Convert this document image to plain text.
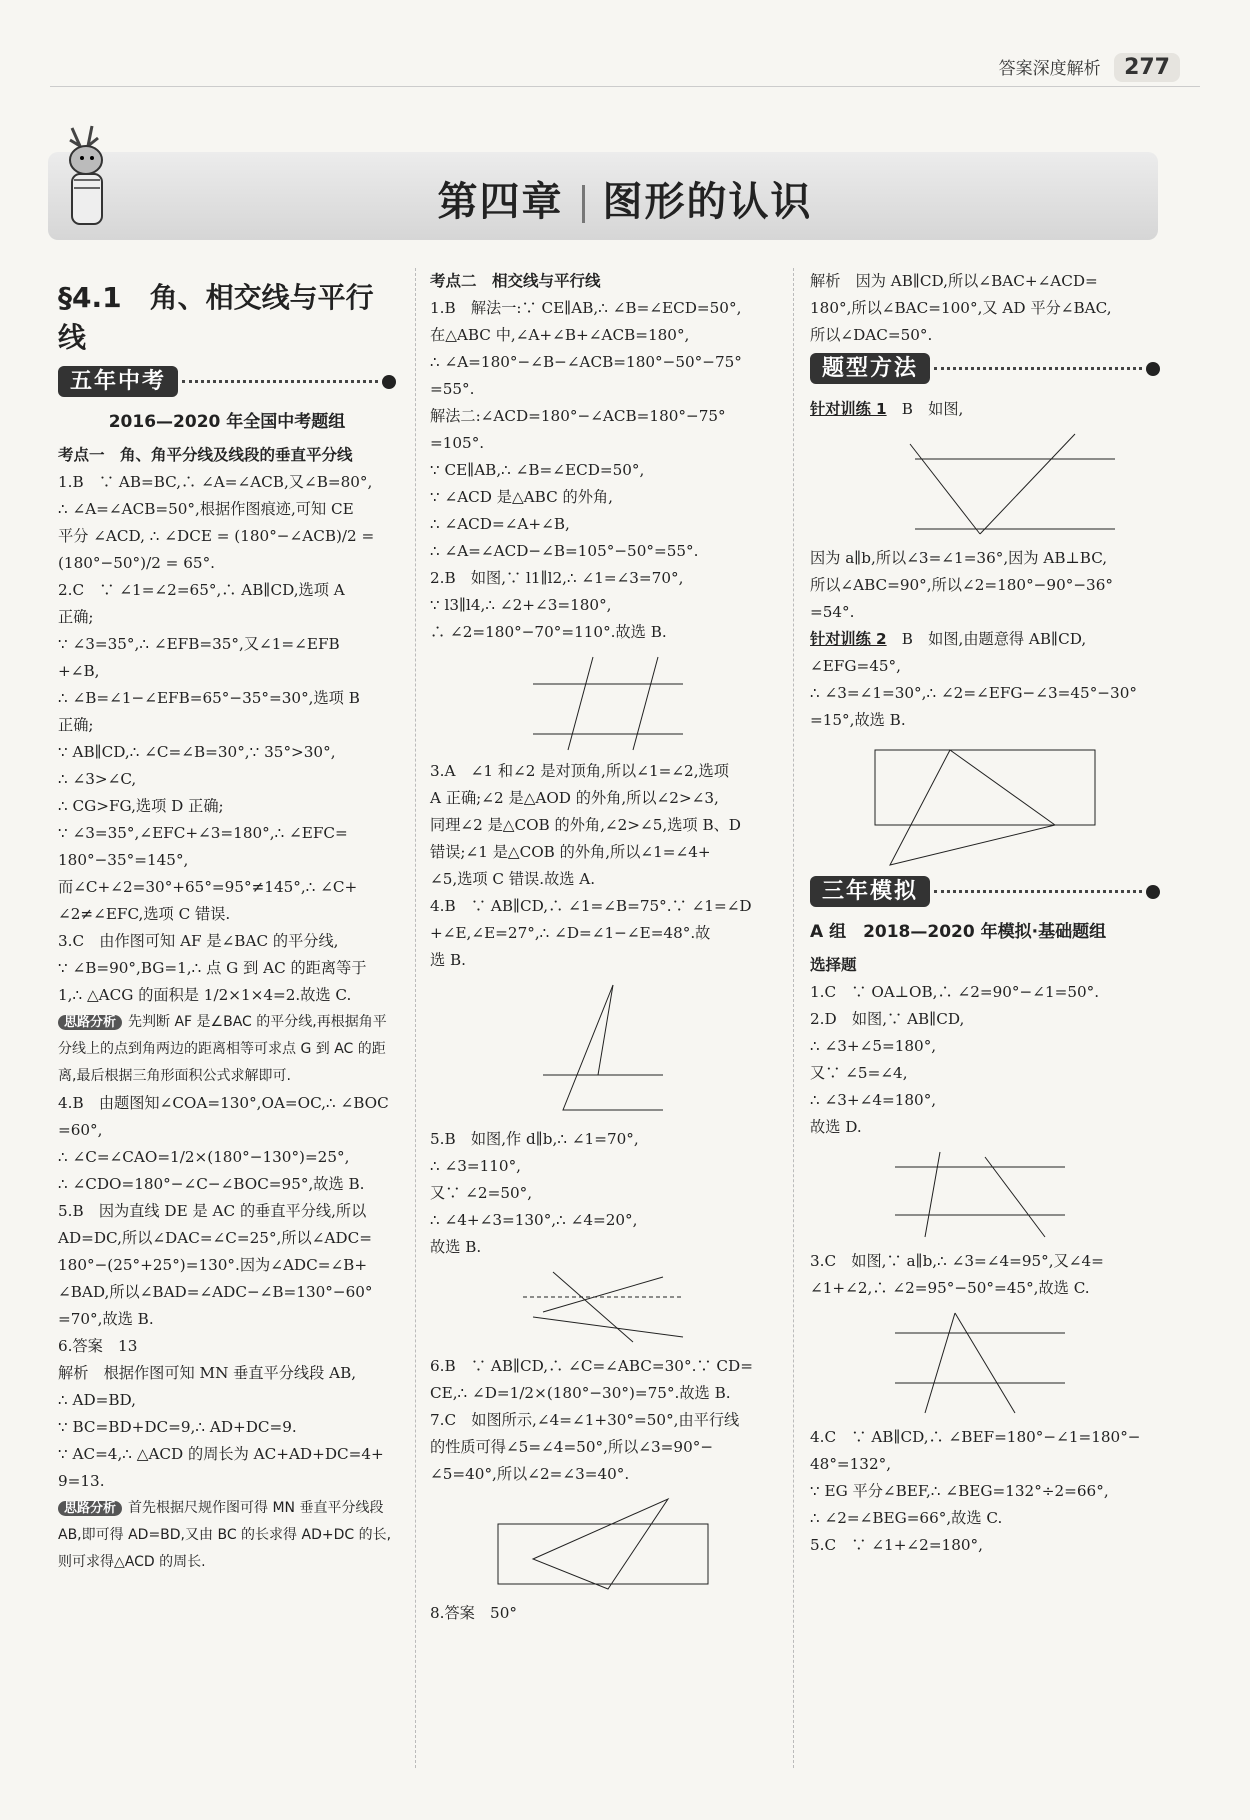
答案深度解析 277
第四章 图形的认识
§4.1　角、相交线与平行线
五年中考
2016—2020 年全国中考题组

考点一　角、角平分线及线段的垂直平分线

1.B　∵ AB=BC,∴ ∠A=∠ACB,又∠B=80°,

∴ ∠A=∠ACB=50°,根据作图痕迹,可知 CE

平分 ∠ACD, ∴ ∠DCE = (180°−∠ACB)/2 =

(180°−50°)/2 = 65°.

2.C　∵ ∠1=∠2=65°,∴ AB∥CD,选项 A

正确;

∵ ∠3=35°,∴ ∠EFB=35°,又∠1=∠EFB

+∠B,

∴ ∠B=∠1−∠EFB=65°−35°=30°,选项 B

正确;

∵ AB∥CD,∴ ∠C=∠B=30°,∵ 35°>30°,

∴ ∠3>∠C,

∴ CG>FG,选项 D 正确;

∵ ∠3=35°,∠EFC+∠3=180°,∴ ∠EFC=

180°−35°=145°,

而∠C+∠2=30°+65°=95°≠145°,∴ ∠C+

∠2≠∠EFC,选项 C 错误.

3.C　由作图可知 AF 是∠BAC 的平分线,

∵ ∠B=90°,BG=1,∴ 点 G 到 AC 的距离等于

1,∴ △ACG 的面积是 1/2×1×4=2.故选 C.

思路分析 先判断 AF 是∠BAC 的平分线,再根据角平分线上的点到角两边的距离相等可求点 G 到 AC 的距离,最后根据三角形面积公式求解即可.

4.B　由题图知∠COA=130°,OA=OC,∴ ∠BOC

=60°,

∴ ∠C=∠CAO=1/2×(180°−130°)=25°,

∴ ∠CDO=180°−∠C−∠BOC=95°,故选 B.

5.B　因为直线 DE 是 AC 的垂直平分线,所以

AD=DC,所以∠DAC=∠C=25°,所以∠ADC=

180°−(25°+25°)=130°.因为∠ADC=∠B+

∠BAD,所以∠BAD=∠ADC−∠B=130°−60°

=70°,故选 B.

6.答案　13

解析　根据作图可知 MN 垂直平分线段 AB,

∴ AD=BD,

∵ BC=BD+DC=9,∴ AD+DC=9.

∵ AC=4,∴ △ACD 的周长为 AC+AD+DC=4+

9=13.

思路分析 首先根据尺规作图可得 MN 垂直平分线段 AB,即可得 AD=BD,又由 BC 的长求得 AD+DC 的长,则可求得△ACD 的周长.

考点二　相交线与平行线

1.B　解法一:∵ CE∥AB,∴ ∠B=∠ECD=50°,

在△ABC 中,∠A+∠B+∠ACB=180°,

∴ ∠A=180°−∠B−∠ACB=180°−50°−75°

=55°.

解法二:∠ACD=180°−∠ACB=180°−75°

=105°.

∵ CE∥AB,∴ ∠B=∠ECD=50°,

∵ ∠ACD 是△ABC 的外角,

∴ ∠ACD=∠A+∠B,

∴ ∠A=∠ACD−∠B=105°−50°=55°.

2.B　如图,∵ l1∥l2,∴ ∠1=∠3=70°,

∵ l3∥l4,∴ ∠2+∠3=180°,

∴ ∠2=180°−70°=110°.故选 B.

3.A　∠1 和∠2 是对顶角,所以∠1=∠2,选项

A 正确;∠2 是△AOD 的外角,所以∠2>∠3,

同理∠2 是△COB 的外角,∠2>∠5,选项 B、D

错误;∠1 是△COB 的外角,所以∠1=∠4+

∠5,选项 C 错误.故选 A.

4.B　∵ AB∥CD,∴ ∠1=∠B=75°.∵ ∠1=∠D

+∠E,∠E=27°,∴ ∠D=∠1−∠E=48°.故

选 B.

5.B　如图,作 d∥b,∴ ∠1=70°,

∴ ∠3=110°,

又∵ ∠2=50°,

∴ ∠4+∠3=130°,∴ ∠4=20°,

故选 B.

6.B　∵ AB∥CD,∴ ∠C=∠ABC=30°.∵ CD=

CE,∴ ∠D=1/2×(180°−30°)=75°.故选 B.

7.C　如图所示,∠4=∠1+30°=50°,由平行线

的性质可得∠5=∠4=50°,所以∠3=90°−

∠5=40°,所以∠2=∠3=40°.

8.答案　50°

解析　因为 AB∥CD,所以∠BAC+∠ACD=

180°,所以∠BAC=100°,又 AD 平分∠BAC,

所以∠DAC=50°.

题型方法

针对训练 1　B　如图,

因为 a∥b,所以∠3=∠1=36°,因为 AB⊥BC,

所以∠ABC=90°,所以∠2=180°−90°−36°

=54°.

针对训练 2　B　如图,由题意得 AB∥CD,

∠EFG=45°,

∴ ∠3=∠1=30°,∴ ∠2=∠EFG−∠3=45°−30°

=15°,故选 B.

三年模拟
A 组　2018—2020 年模拟·基础题组

选择题

1.C　∵ OA⊥OB,∴ ∠2=90°−∠1=50°.

2.D　如图,∵ AB∥CD,

∴ ∠3+∠5=180°,

又∵ ∠5=∠4,

∴ ∠3+∠4=180°,

故选 D.

3.C　如图,∵ a∥b,∴ ∠3=∠4=95°,又∠4=

∠1+∠2,∴ ∠2=95°−50°=45°,故选 C.

4.C　∵ AB∥CD,∴ ∠BEF=180°−∠1=180°−

48°=132°,

∵ EG 平分∠BEF,∴ ∠BEG=132°÷2=66°,

∴ ∠2=∠BEG=66°,故选 C.

5.C　∵ ∠1+∠2=180°,
